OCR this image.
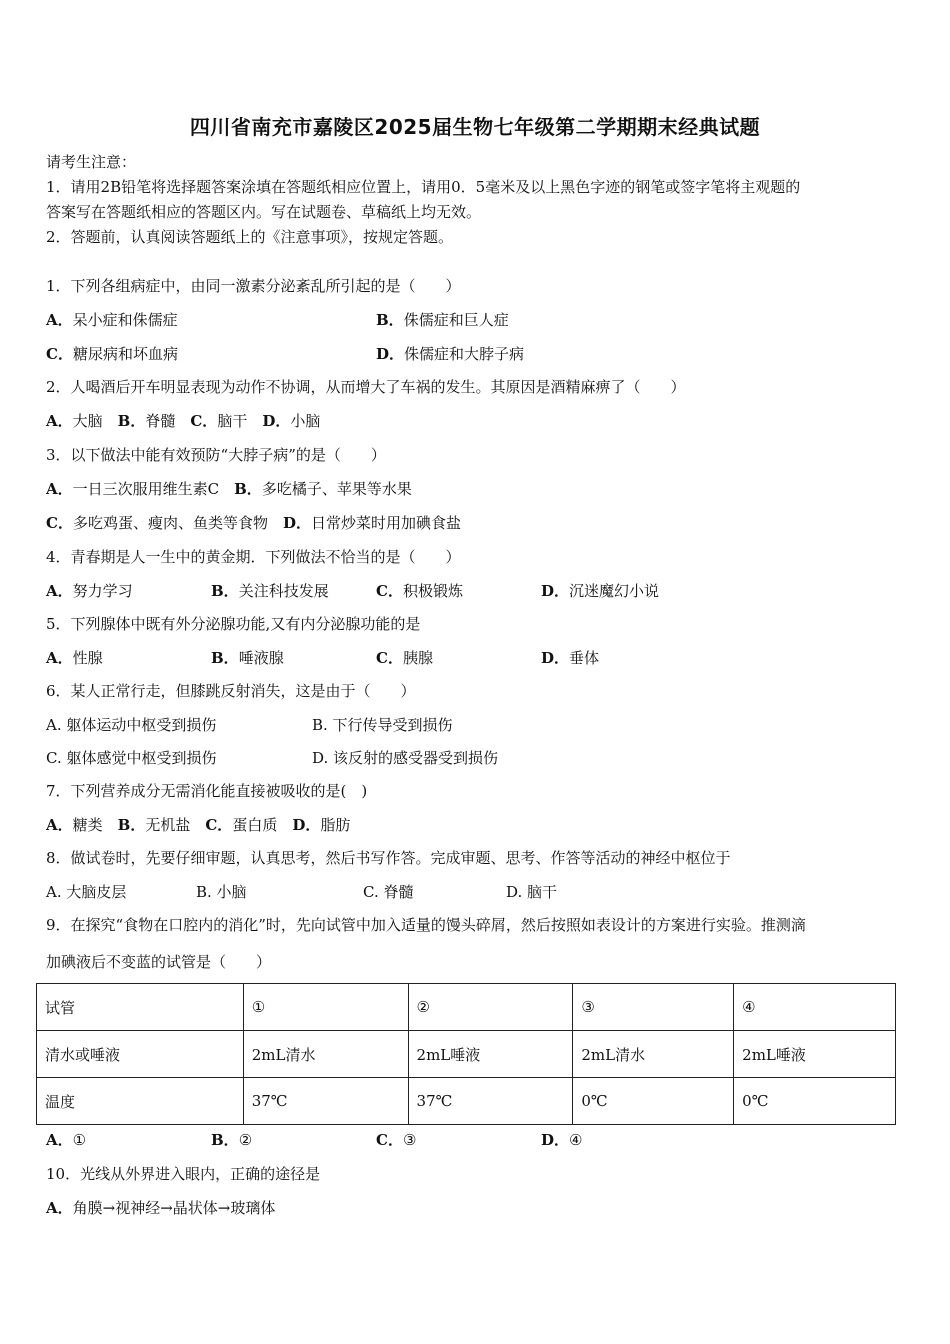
四川省南充市嘉陵区2025届生物七年级第二学期期末经典试题
请考生注意：
1．请用2B铅笔将选择题答案涂填在答题纸相应位置上，请用0．5毫米及以上黑色字迹的钢笔或签字笔将主观题的
答案写在答题纸相应的答题区内。写在试题卷、草稿纸上均无效。
2．答题前，认真阅读答题纸上的《注意事项》，按规定答题。
1．下列各组病症中，由同一激素分泌紊乱所引起的是（　　）
A．呆小症和侏儒症	B．侏儒症和巨人症
C．糖尿病和坏血病	D．侏儒症和大脖子病
2．人喝酒后开车明显表现为动作不协调，从而增大了车祸的发生。其原因是酒精麻痹了（　　）
A．大脑　B．脊髓　C．脑干　D．小脑
3．以下做法中能有效预防“大脖子病”的是（　　）
A．一日三次服用维生素C　B．多吃橘子、苹果等水果
C．多吃鸡蛋、瘦肉、鱼类等食物　D．日常炒菜时用加碘食盐
4．青春期是人一生中的黄金期．下列做法不恰当的是（　　）
A．努力学习	B．关注科技发展	C．积极锻炼	D．沉迷魔幻小说
5．下列腺体中既有外分泌腺功能,又有内分泌腺功能的是
A．性腺	B．唾液腺	C．胰腺	D．垂体
6．某人正常行走，但膝跳反射消失，这是由于（　　）
A. 躯体运动中枢受到损伤	B. 下行传导受到损伤
C. 躯体感觉中枢受到损伤	D. 该反射的感受器受到损伤
7．下列营养成分无需消化能直接被吸收的是(　)
A．糖类　B．无机盐　C．蛋白质　D．脂肪
8．做试卷时，先要仔细审题，认真思考，然后书写作答。完成审题、思考、作答等活动的神经中枢位于
A. 大脑皮层	B. 小脑	C. 脊髓	D. 脑干
9．在探究“食物在口腔内的消化”时，先向试管中加入适量的馒头碎屑，然后按照如表设计的方案进行实验。推测滴
加碘液后不变蓝的试管是（　　）
试管	①	②	③	④
清水或唾液	2mL清水	2mL唾液	2mL清水	2mL唾液
温度	37℃	37℃	0℃	0℃
A．①	B．②	C．③	D．④
10．光线从外界进入眼内，正确的途径是
A．角膜→视神经→晶状体→玻璃体
